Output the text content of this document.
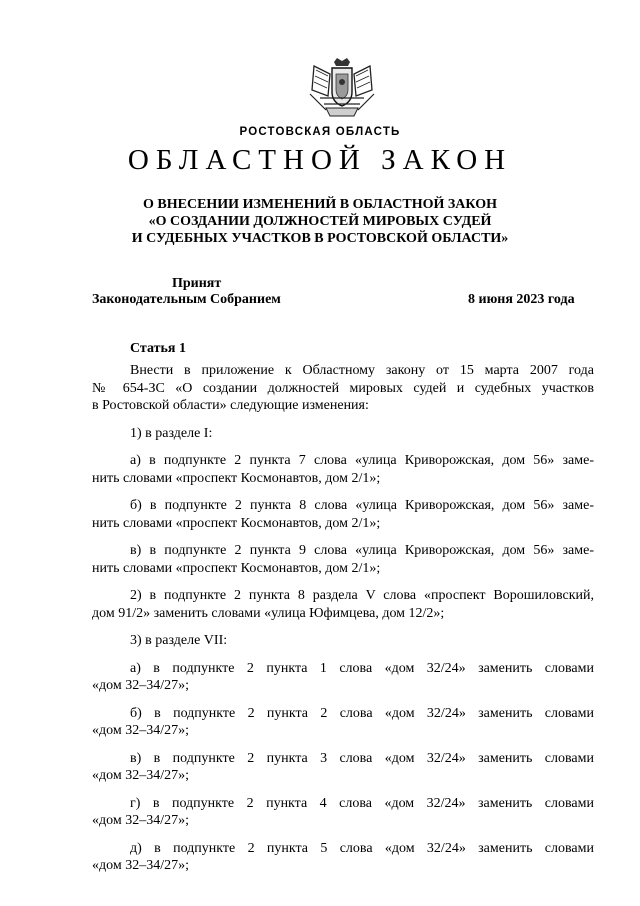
РОСТОВСКАЯ ОБЛАСТЬ
ОБЛАСТНОЙ ЗАКОН
О ВНЕСЕНИИ ИЗМЕНЕНИЙ В ОБЛАСТНОЙ ЗАКОН
«О СОЗДАНИИ ДОЛЖНОСТЕЙ МИРОВЫХ СУДЕЙ
И СУДЕБНЫХ УЧАСТКОВ В РОСТОВСКОЙ ОБЛАСТИ»
Принят
Законодательным Собранием	8 июня 2023 года
Статья 1
Внести в приложение к Областному закону от 15 марта 2007 года
№ 654-ЗС «О создании должностей мировых судей и судебных участков
в Ростовской области» следующие изменения:
1) в разделе I:
а) в подпункте 2 пункта 7 слова «улица Криворожская, дом 56» заме-
нить словами «проспект Космонавтов, дом 2/1»;
б) в подпункте 2 пункта 8 слова «улица Криворожская, дом 56» заме-
нить словами «проспект Космонавтов, дом 2/1»;
в) в подпункте 2 пункта 9 слова «улица Криворожская, дом 56» заме-
нить словами «проспект Космонавтов, дом 2/1»;
2) в подпункте 2 пункта 8 раздела V слова «проспект Ворошиловский,
дом 91/2» заменить словами «улица Юфимцева, дом 12/2»;
3) в разделе VII:
а) в подпункте 2 пункта 1 слова «дом 32/24» заменить словами
«дом 32–34/27»;
б) в подпункте 2 пункта 2 слова «дом 32/24» заменить словами
«дом 32–34/27»;
в) в подпункте 2 пункта 3 слова «дом 32/24» заменить словами
«дом 32–34/27»;
г) в подпункте 2 пункта 4 слова «дом 32/24» заменить словами
«дом 32–34/27»;
д) в подпункте 2 пункта 5 слова «дом 32/24» заменить словами
«дом 32–34/27»;
